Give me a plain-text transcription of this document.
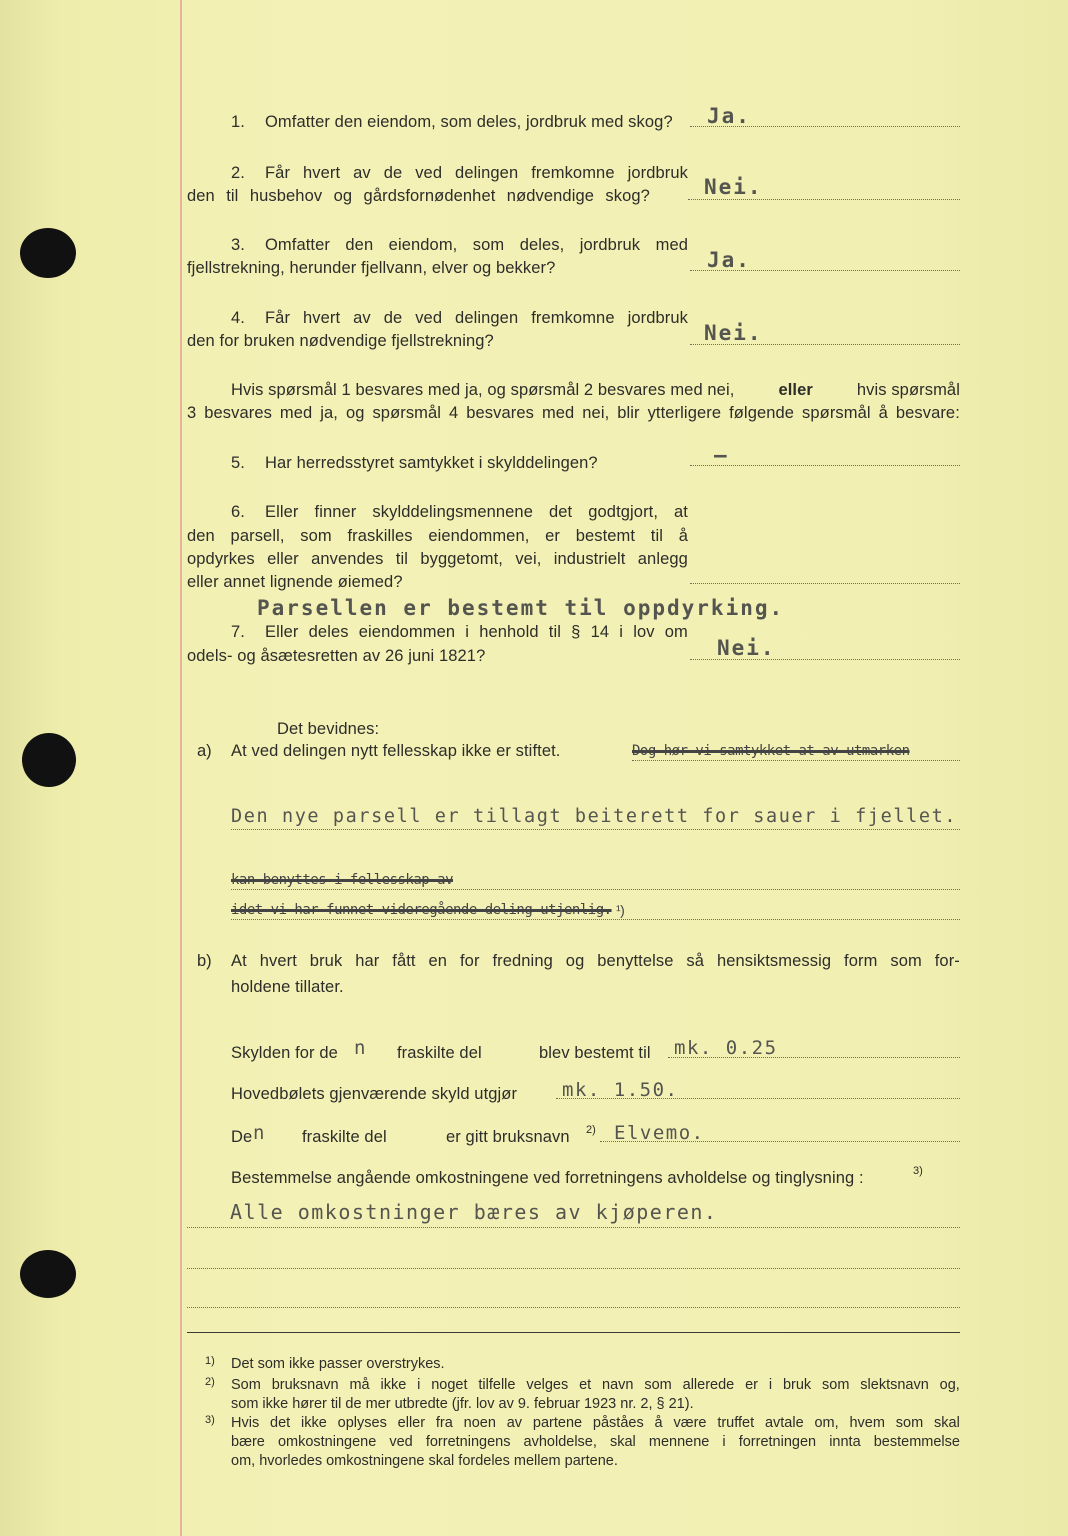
1. Omfatter den eiendom, som deles, jordbruk med skog? Ja.
2. Får hvert av de ved delingen fremkomne jordbruk
den til husbehov og gårdsfornødenhet nødvendige skog?	Nei.
3. Omfatter den eiendom, som deles, jordbruk med
fjellstrekning, herunder fjellvann, elver og bekker?	Ja.
4. Får hvert av de ved delingen fremkomne jordbruk
den for bruken nødvendige fjellstrekning?	Nei.
Hvis spørsmål 1 besvares med ja, og spørsmål 2 besvares med nei,	eller	hvis spørsmål
3 besvares med ja, og spørsmål 4 besvares med nei, blir ytterligere følgende spørsmål å besvare:
5. Har herredsstyret samtykket i skylddelingen?	–
6. Eller finner skylddelingsmennene det godtgjort, at
den parsell, som fraskilles eiendommen, er bestemt til å
opdyrkes eller anvendes til byggetomt, vei, industrielt anlegg
eller annet lignende øiemed?
Parsellen er bestemt til oppdyrking.
7. Eller deles eiendommen i henhold til § 14 i lov om
odels- og åsætesretten av 26 juni 1821?	Nei.
Det bevidnes:
a) At ved delingen nytt fellesskap ikke er stiftet.	Dog hør vi samtykket at av utmarken
Den nye parsell er tillagt beiterett for sauer i fjellet.
kan benyttes i fellesskap av
idet vi har funnet videregående deling utjenlig. ¹)
b) At hvert bruk har fått en for fredning og benyttelse så hensiktsmessig form som for-
holdene tillater.
Skylden for de n fraskilte del	blev bestemt til mk. 0.25
Hovedbølets gjenværende skyld utgjør mk. 1.50.
De n fraskilte del	er gitt bruksnavn 2) Elvemo.
Bestemmelse angående omkostningene ved forretningens avholdelse og tinglysning :	3)
Alle omkostninger bæres av kjøperen.
1) Det som ikke passer overstrykes.
2) Som bruksnavn må ikke i noget tilfelle velges et navn som allerede er i bruk som slektsnavn og,
som ikke hører til de mer utbredte (jfr. lov av 9. februar 1923 nr. 2, § 21).
3) Hvis det ikke oplyses eller fra noen av partene påståes å være truffet avtale om, hvem som skal
bære omkostningene ved forretningens avholdelse, skal mennene i forretningen innta bestemmelse
om, hvorledes omkostningene skal fordeles mellem partene.
